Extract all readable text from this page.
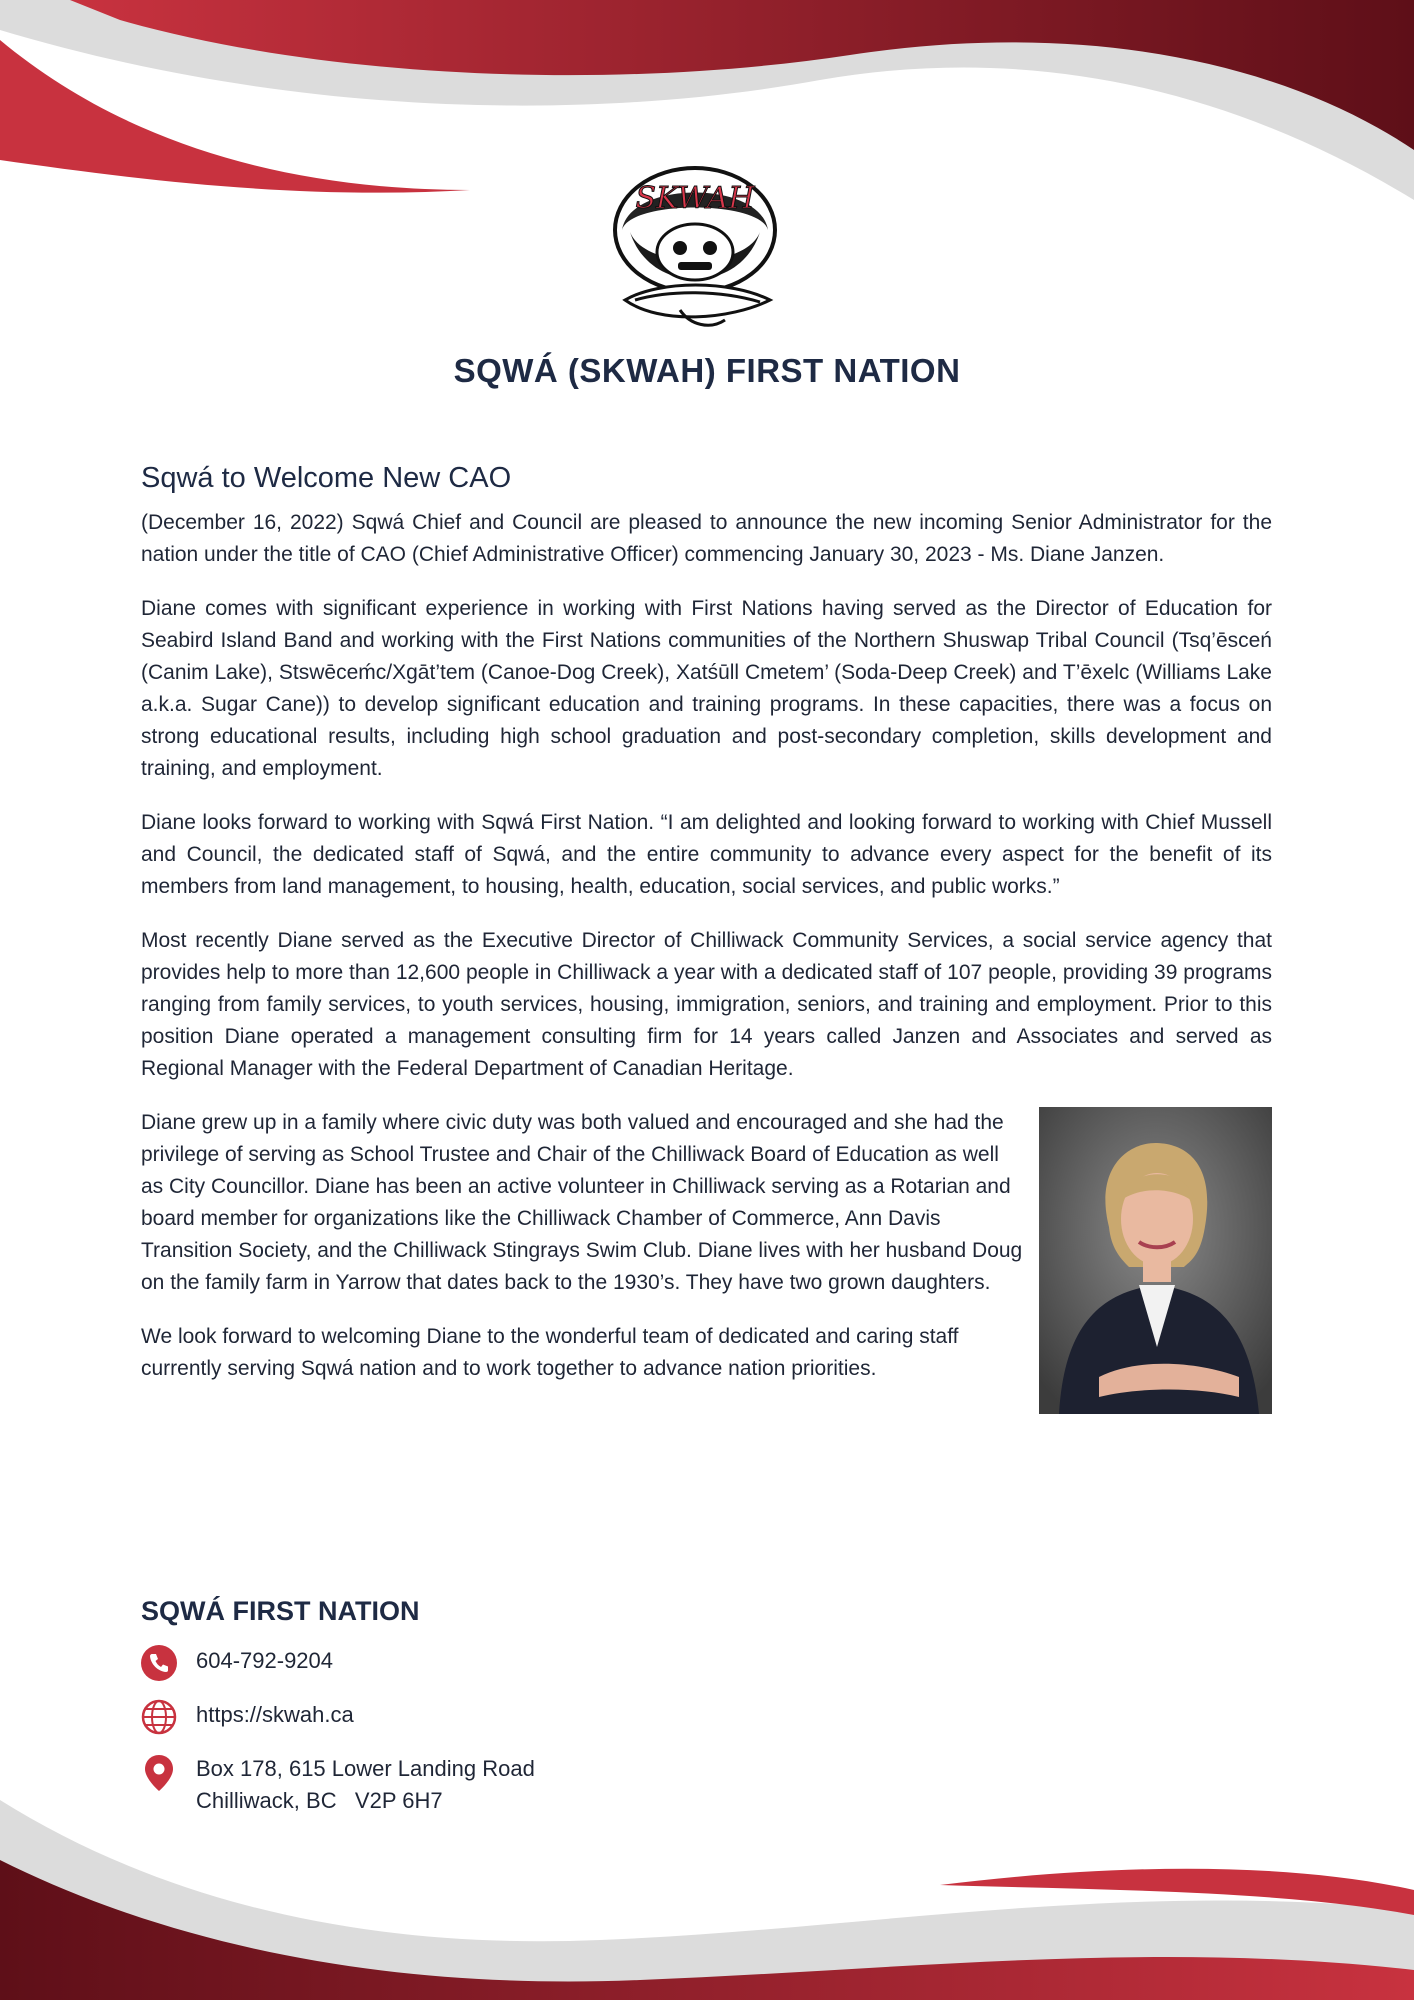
SKWAH
SQWÁ (SKWAH) FIRST NATION
Sqwá to Welcome New CAO

(December 16, 2022) Sqwá Chief and Council are pleased to announce the new incoming Senior Administrator for the nation under the title of CAO (Chief Administrative Officer) commencing January 30, 2023 - Ms. Diane Janzen.

Diane comes with significant experience in working with First Nations having served as the Director of Education for Seabird Island Band and working with the First Nations communities of the Northern Shuswap Tribal Council (Tsq’ēsceń (Canim Lake), Stswēceḿc/Xgāt’tem (Canoe-Dog Creek), Xatśūll Cmetem’ (Soda-Deep Creek) and T’ēxelc (Williams Lake a.k.a. Sugar Cane)) to develop significant education and training programs. In these capacities, there was a focus on strong educational results, including high school graduation and post-secondary completion, skills development and training, and employment.

Diane looks forward to working with Sqwá First Nation. “I am delighted and looking forward to working with Chief Mussell and Council, the dedicated staff of Sqwá, and the entire community to advance every aspect for the benefit of its members from land management, to housing, health, education, social services, and public works.”

Most recently Diane served as the Executive Director of Chilliwack Community Services, a social service agency that provides help to more than 12,600 people in Chilliwack a year with a dedicated staff of 107 people, providing 39 programs ranging from family services, to youth services, housing, immigration, seniors, and training and employment. Prior to this position Diane operated a management consulting firm for 14 years called Janzen and Associates and served as Regional Manager with the Federal Department of Canadian Heritage.

Diane grew up in a family where civic duty was both valued and encouraged and she had the privilege of serving as School Trustee and Chair of the Chilliwack Board of Education as well as City Councillor. Diane has been an active volunteer in Chilliwack serving as a Rotarian and board member for organizations like the Chilliwack Chamber of Commerce, Ann Davis Transition Society, and the Chilliwack Stingrays Swim Club. Diane lives with her husband Doug on the family farm in Yarrow that dates back to the 1930’s. They have two grown daughters.

We look forward to welcoming Diane to the wonderful team of dedicated and caring staff currently serving Sqwá nation and to work together to advance nation priorities.

SQWÁ FIRST NATION
604-792-9204
https://skwah.ca
Box 178, 615 Lower Landing Road
Chilliwack, BC   V2P 6H7
